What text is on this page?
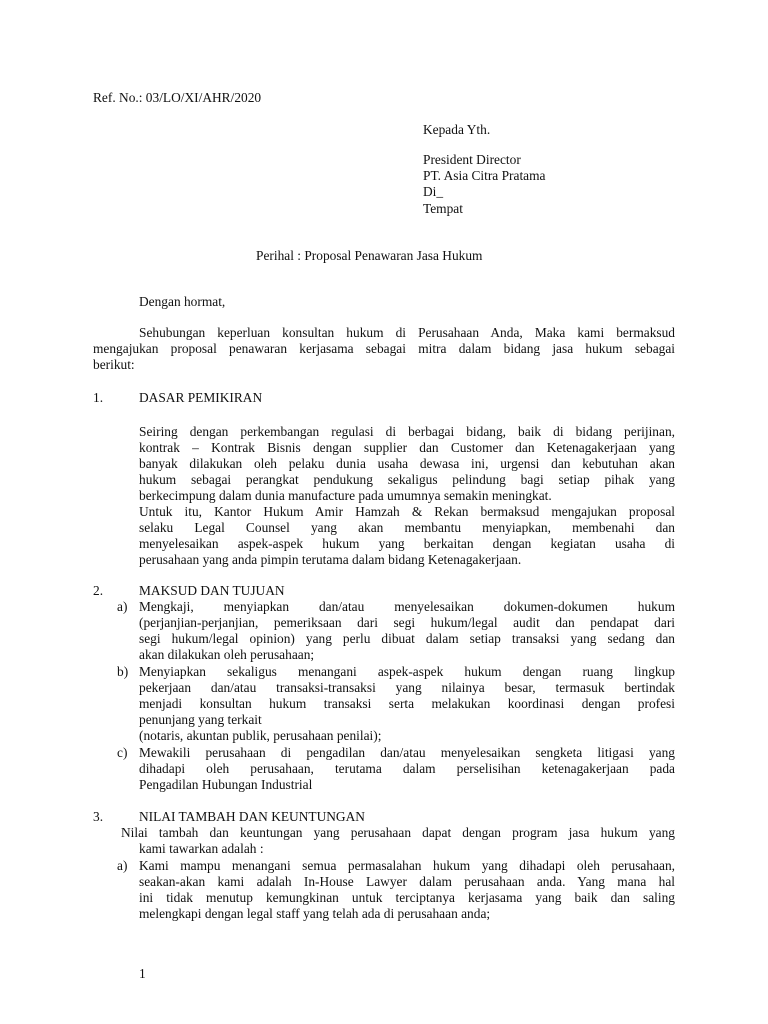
Ref. No.: 03/LO/XI/AHR/2020
Kepada Yth.
President Director
PT. Asia Citra Pratama
Di_
Tempat
Perihal : Proposal Penawaran Jasa Hukum
Dengan hormat,
Sehubungan keperluan konsultan hukum di Perusahaan Anda, Maka kami bermaksud
mengajukan proposal penawaran kerjasama sebagai mitra dalam bidang jasa hukum sebagai
berikut:
1.	DASAR PEMIKIRAN
Seiring dengan perkembangan regulasi di berbagai bidang, baik di bidang perijinan,
kontrak – Kontrak Bisnis dengan supplier dan Customer dan Ketenagakerjaan yang
banyak dilakukan oleh pelaku dunia usaha dewasa ini, urgensi dan kebutuhan akan
hukum sebagai perangkat pendukung sekaligus pelindung bagi setiap pihak yang
berkecimpung dalam dunia manufacture pada umumnya semakin meningkat.
Untuk itu, Kantor Hukum Amir Hamzah & Rekan bermaksud mengajukan proposal
selaku Legal Counsel yang akan membantu menyiapkan, membenahi dan
menyelesaikan aspek-aspek hukum yang berkaitan dengan kegiatan usaha di
perusahaan yang anda pimpin terutama dalam bidang Ketenagakerjaan.
2.	MAKSUD DAN TUJUAN
a) Mengkaji, menyiapkan dan/atau menyelesaikan dokumen-dokumen hukum
(perjanjian-perjanjian, pemeriksaan dari segi hukum/legal audit dan pendapat dari
segi hukum/legal opinion) yang perlu dibuat dalam setiap transaksi yang sedang dan
akan dilakukan oleh perusahaan;
b) Menyiapkan sekaligus menangani aspek-aspek hukum dengan ruang lingkup
pekerjaan dan/atau transaksi-transaksi yang nilainya besar, termasuk bertindak
menjadi konsultan hukum transaksi serta melakukan koordinasi dengan profesi
penunjang yang terkait
(notaris, akuntan publik, perusahaan penilai);
c) Mewakili perusahaan di pengadilan dan/atau menyelesaikan sengketa litigasi yang
dihadapi oleh perusahaan, terutama dalam perselisihan ketenagakerjaan pada
Pengadilan Hubungan Industrial
3.	NILAI TAMBAH DAN KEUNTUNGAN
Nilai tambah dan keuntungan yang perusahaan dapat dengan program jasa hukum yang
kami tawarkan adalah :
a) Kami mampu menangani semua permasalahan hukum yang dihadapi oleh perusahaan,
seakan-akan kami adalah In-House Lawyer dalam perusahaan anda. Yang mana hal
ini tidak menutup kemungkinan untuk terciptanya kerjasama yang baik dan saling
melengkapi dengan legal staff yang telah ada di perusahaan anda;
1
